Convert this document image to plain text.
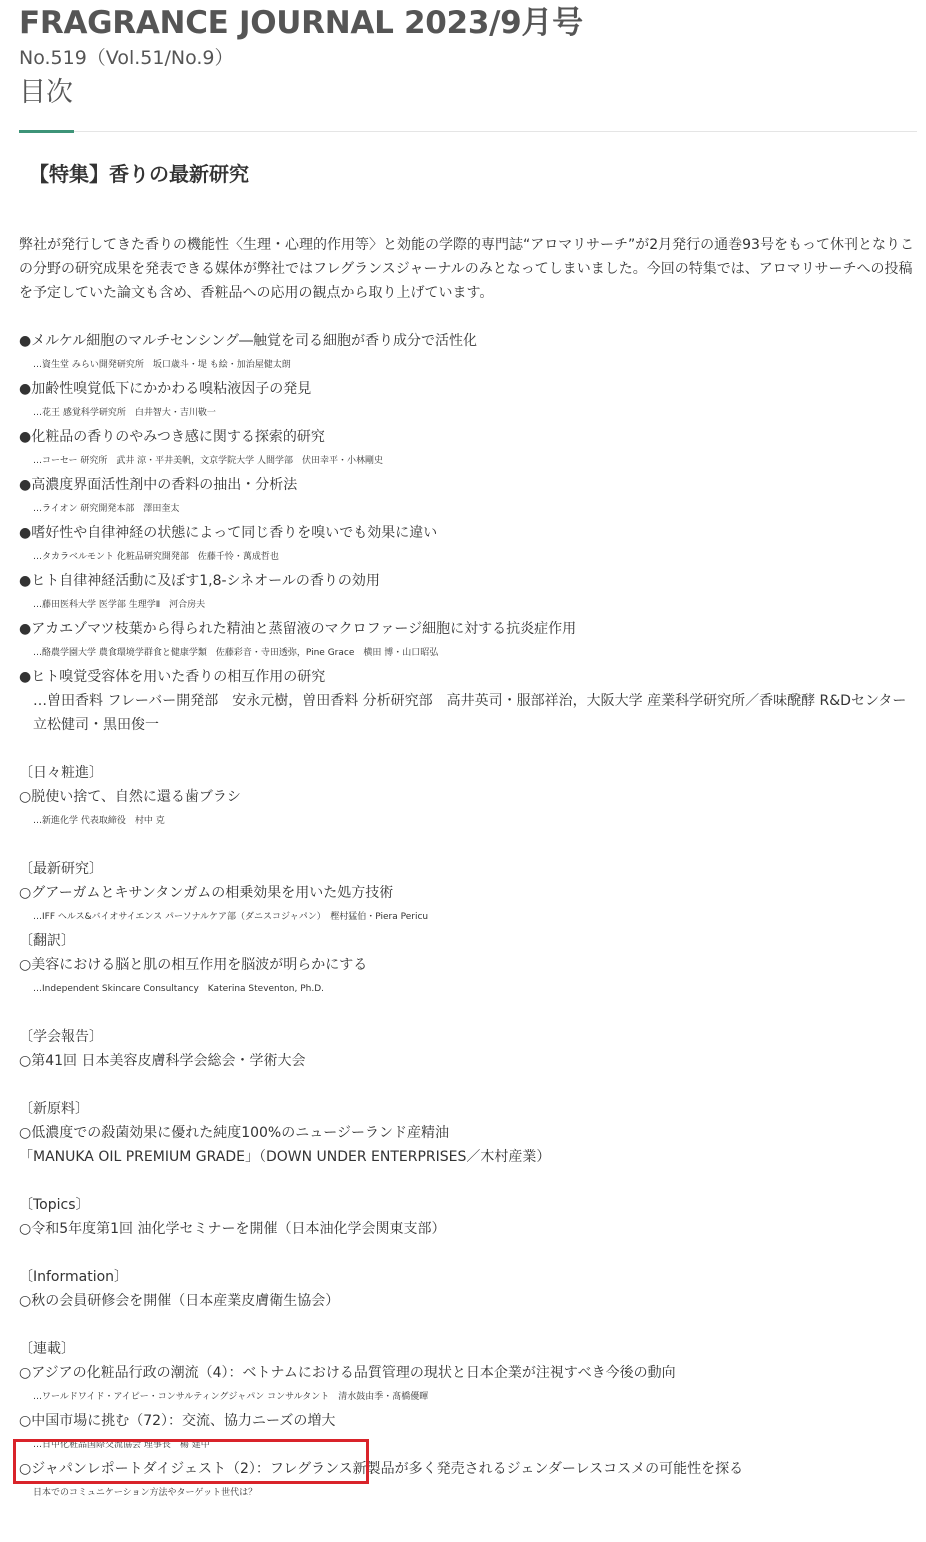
FRAGRANCE JOURNAL 2023/9月号

No.519（Vol.51/No.9）

目次
【特集】香りの最新研究

弊社が発行してきた香りの機能性〈生理・心理的作用等〉と効能の学際的専門誌“アロマリサーチ”が2月発行の通巻93号をもって休刊となりこの分野の研究成果を発表できる媒体が弊社ではフレグランスジャーナルのみとなってしまいました。今回の特集では、アロマリサーチへの投稿を予定していた論文も含め、香粧品への応用の観点から取り上げています。

●メルケル細胞のマルチセンシング―触覚を司る細胞が香り成分で活性化
…資生堂 みらい開発研究所　坂口歳斗・堤 も絵・加治屋健太朗
●加齢性嗅覚低下にかかわる嗅粘液因子の発見
…花王 感覚科学研究所　白井智大・吉川敬一
●化粧品の香りのやみつき感に関する探索的研究
…コーセー 研究所　武井 涼・平井美帆，文京学院大学 人間学部　伏田幸平・小林剛史
●高濃度界面活性剤中の香料の抽出・分析法
…ライオン 研究開発本部　澤田奎太
●嗜好性や自律神経の状態によって同じ香りを嗅いでも効果に違い
…タカラベルモント 化粧品研究開発部　佐藤千怜・萬成哲也
●ヒト自律神経活動に及ぼす1,8-シネオールの香りの効用
…藤田医科大学 医学部 生理学Ⅱ　河合房夫
●アカエゾマツ枝葉から得られた精油と蒸留液のマクロファージ細胞に対する抗炎症作用
…酪農学園大学 農食環境学群食と健康学類　佐藤彩音・寺田透弥，Pine Grace　横田 博・山口昭弘
●ヒト嗅覚受容体を用いた香りの相互作用の研究
…曽田香料 フレーバー開発部　安永元樹，曽田香料 分析研究部　高井英司・服部祥治，大阪大学 産業科学研究所／香味醗酵 R&Dセンター　立松健司・黒田俊一
〔日々粧進〕
○脱使い捨て、自然に還る歯ブラシ
…新進化学 代表取締役　村中 克
〔最新研究〕
○グアーガムとキサンタンガムの相乗効果を用いた処方技術
…IFF ヘルス&バイオサイエンス パーソナルケア部（ダニスコジャパン）　樫村猛伯・Piera Pericu
〔翻訳〕
○美容における脳と肌の相互作用を脳波が明らかにする
…Independent Skincare Consultancy　Katerina Steventon, Ph.D.
〔学会報告〕
○第41回 日本美容皮膚科学会総会・学術大会
〔新原料〕
○低濃度での殺菌効果に優れた純度100%のニュージーランド産精油
「MANUKA OIL PREMIUM GRADE」（DOWN UNDER ENTERPRISES／木村産業）
〔Topics〕
○令和5年度第1回 油化学セミナーを開催（日本油化学会関東支部）
〔Information〕
○秋の会員研修会を開催（日本産業皮膚衛生協会）
〔連載〕
○アジアの化粧品行政の潮流（4）：ベトナムにおける品質管理の現状と日本企業が注視すべき今後の動向
…ワールドワイド・アイピー・コンサルティングジャパン コンサルタント　清水鼓由季・髙橋優暉
○中国市場に挑む（72）：交流、協力ニーズの増大
…日中化粧品国際交流協会 理事長　楊 建中
○ジャパンレポートダイジェスト（2）：フレグランス新製品が多く発売されるジェンダーレスコスメの可能性を探る
日本でのコミュニケーション方法やターゲット世代は？
